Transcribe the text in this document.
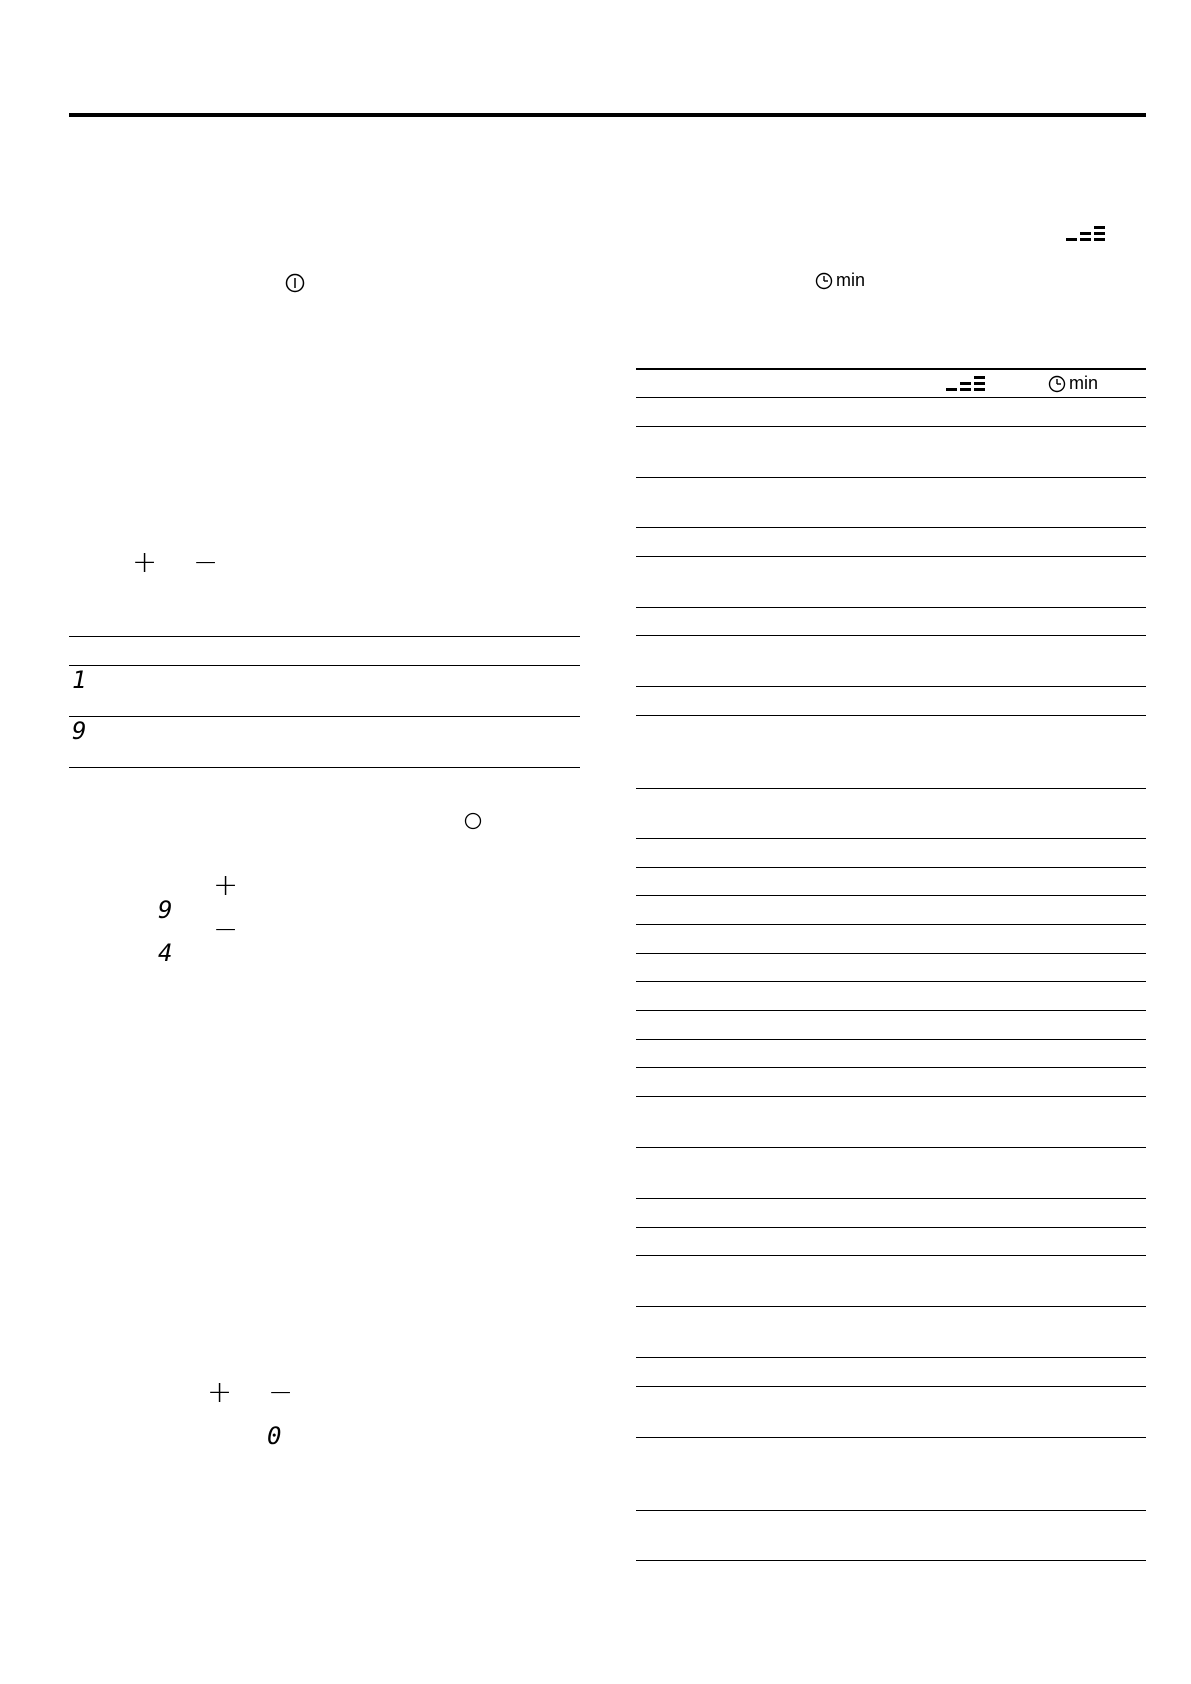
+ −
1
9
+
9
−
4
+ −
0
min
min
